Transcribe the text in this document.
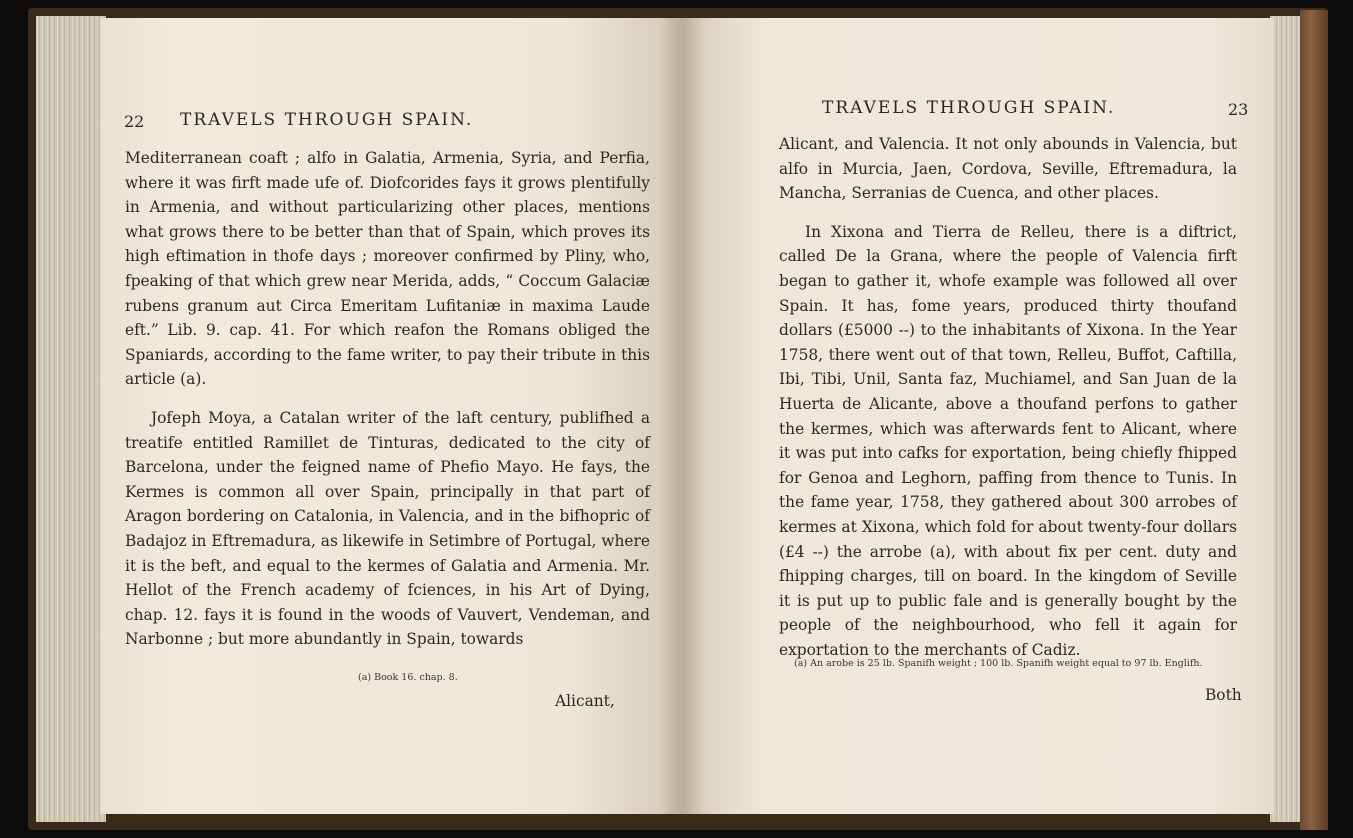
22 TRAVELS THROUGH SPAIN.

Mediterranean coaft ; alfo in Galatia, Armenia, Syria, and Perfia, where it was firft made ufe of. Diofcorides fays it grows plentifully in Armenia, and without particularizing other places, mentions what grows there to be better than that of Spain, which proves its high eftimation in thofe days ; moreover confirmed by Pliny, who, fpeaking of that which grew near Merida, adds, “ Coccum Galaciæ rubens granum aut Circa Emeritam Lufitaniæ in maxima Laude eft.” Lib. 9. cap. 41. For which reafon the Romans obliged the Spaniards, according to the fame writer, to pay their tribute in this article (a).

Jofeph Moya, a Catalan writer of the laft century, publifhed a treatife entitled Ramillet de Tinturas, dedicated to the city of Barcelona, under the feigned name of Phefio Mayo. He fays, the Kermes is common all over Spain, principally in that part of Aragon bordering on Catalonia, in Valencia, and in the bifhopric of Badajoz in Eftremadura, as likewife in Setimbre of Portugal, where it is the beft, and equal to the kermes of Galatia and Armenia. Mr. Hellot of the French academy of fciences, in his Art of Dying, chap. 12. fays it is found in the woods of Vauvert, Vendeman, and Narbonne ; but more abundantly in Spain, towards

(a) Book 16. chap. 8.
Alicant,
TRAVELS THROUGH SPAIN.	23

Alicant, and Valencia. It not only abounds in Valencia, but alfo in Murcia, Jaen, Cordova, Seville, Eftremadura, la Mancha, Serranias de Cuenca, and other places.

In Xixona and Tierra de Relleu, there is a diftrict, called De la Grana, where the people of Valencia firft began to gather it, whofe example was followed all over Spain. It has, fome years, produced thirty thoufand dollars (£5000 --) to the inhabitants of Xixona. In the Year 1758, there went out of that town, Relleu, Buffot, Caftilla, Ibi, Tibi, Unil, Santa faz, Muchiamel, and San Juan de la Huerta de Alicante, above a thoufand perfons to gather the kermes, which was afterwards fent to Alicant, where it was put into cafks for exportation, being chiefly fhipped for Genoa and Leghorn, paffing from thence to Tunis. In the fame year, 1758, they gathered about 300 arrobes of kermes at Xixona, which fold for about twenty-four dollars (£4 --) the arrobe (a), with about fix per cent. duty and fhipping charges, till on board. In the kingdom of Seville it is put up to public fale and is generally bought by the people of the neighbourhood, who fell it again for exportation to the merchants of Cadiz.

(a) An arobe is 25 lb. Spanifh weight ; 100 lb. Spanifh weight equal to 97 lb. Englifh.
Both
